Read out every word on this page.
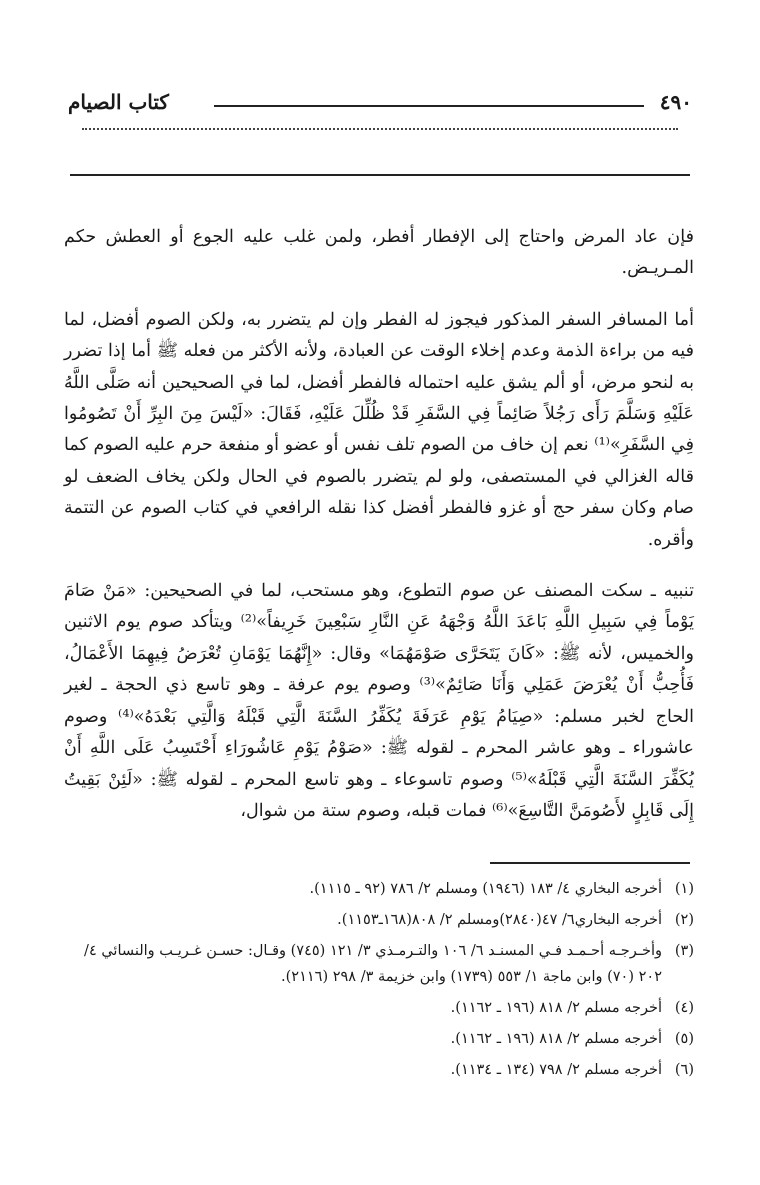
٤٩٠
كتاب الصيام

فإن عاد المرض واحتاج إلى الإفطار أفطر، ولمن غلب عليه الجوع أو العطش حكم المـريـض.

أما المسافر السفر المذكور فيجوز له الفطر وإن لم يتضرر به، ولكن الصوم أفضل، لما فيه من براءة الذمة وعدم إخلاء الوقت عن العبادة، ولأنه الأكثر من فعله ﷺ أما إذا تضرر به لنحو مرض، أو ألم يشق عليه احتماله فالفطر أفضل، لما في الصحيحين أنه صَلَّى اللَّهُ عَلَيْهِ وَسَلَّمَ رَأَى رَجُلاً صَائِماً فِي السَّفَرِ قَدْ ظُلِّلَ عَلَيْهِ، فَقَالَ: «لَيْسَ مِنَ البِرِّ أَنْ تَصُومُوا فِي السَّفَرِ»⁽¹⁾ نعم إن خاف من الصوم تلف نفس أو عضو أو منفعة حرم عليه الصوم كما قاله الغزالي في المستصفى، ولو لم يتضرر بالصوم في الحال ولكن يخاف الضعف لو صام وكان سفر حج أو غزو فالفطر أفضل كذا نقله الرافعي في كتاب الصوم عن التتمة وأقره.

تنبيه ـ سكت المصنف عن صوم التطوع، وهو مستحب، لما في الصحيحين: «مَنْ صَامَ يَوْماً فِي سَبِيلِ اللَّهِ بَاعَدَ اللَّهُ وَجْهَهُ عَنِ النَّارِ سَبْعِينَ خَرِيفاً»⁽²⁾ ويتأكد صوم يوم الاثنين والخميس، لأنه ﷺ: «كَانَ يَتَحَرَّى صَوْمَهُمَا» وقال: «إِنَّهُمَا يَوْمَانِ تُعْرَضُ فِيهِمَا الأَعْمَالُ، فَأُحِبُّ أَنْ يُعْرَضَ عَمَلِي وَأَنَا صَائِمٌ»⁽³⁾ وصوم يوم عرفة ـ وهو تاسع ذي الحجة ـ لغير الحاج لخبر مسلم: «صِيَامُ يَوْمِ عَرَفَةَ يُكَفِّرُ السَّنَةَ الَّتِي قَبْلَهُ وَالَّتِي بَعْدَهُ»⁽⁴⁾ وصوم عاشوراء ـ وهو عاشر المحرم ـ لقوله ﷺ: «صَوْمُ يَوْمِ عَاشُورَاءِ أَحْتَسِبُ عَلَى اللَّهِ أَنْ يُكَفِّرَ السَّنَةَ الَّتِي قَبْلَهُ»⁽⁵⁾ وصوم تاسوعاء ـ وهو تاسع المحرم ـ لقوله ﷺ: «لَئِنْ بَقِيتُ إِلَى قَابِلٍ لأَصُومَنَّ التَّاسِعَ»⁽⁶⁾ فمات قبله، وصوم ستة من شوال،

(١)
أخرجه البخاري ٤/ ١٨٣ (١٩٤٦) ومسلم ٢/ ٧٨٦ (٩٢ ـ ١١١٥).
(٢)
أخرجه البخاري٦/ ٤٧(٢٨٤٠)ومسلم ٢/ ٨٠٨(١٦٨ـ١١٥٣).
(٣)
وأخـرجـه أحـمـد فـي المسنـد ٦/ ١٠٦ والتـرمـذي ٣/ ١٢١ (٧٤٥) وقـال: حسـن غـريـب والنسائي ٤/ ٢٠٢ (٧٠) وابن ماجة ١/ ٥٥٣ (١٧٣٩) وابن خزيمة ٣/ ٢٩٨ (٢١١٦).
(٤)
أخرجه مسلم ٢/ ٨١٨ (١٩٦ ـ ١١٦٢).
(٥)
أخرجه مسلم ٢/ ٨١٨ (١٩٦ ـ ١١٦٢).
(٦)
أخرجه مسلم ٢/ ٧٩٨ (١٣٤ ـ ١١٣٤).
